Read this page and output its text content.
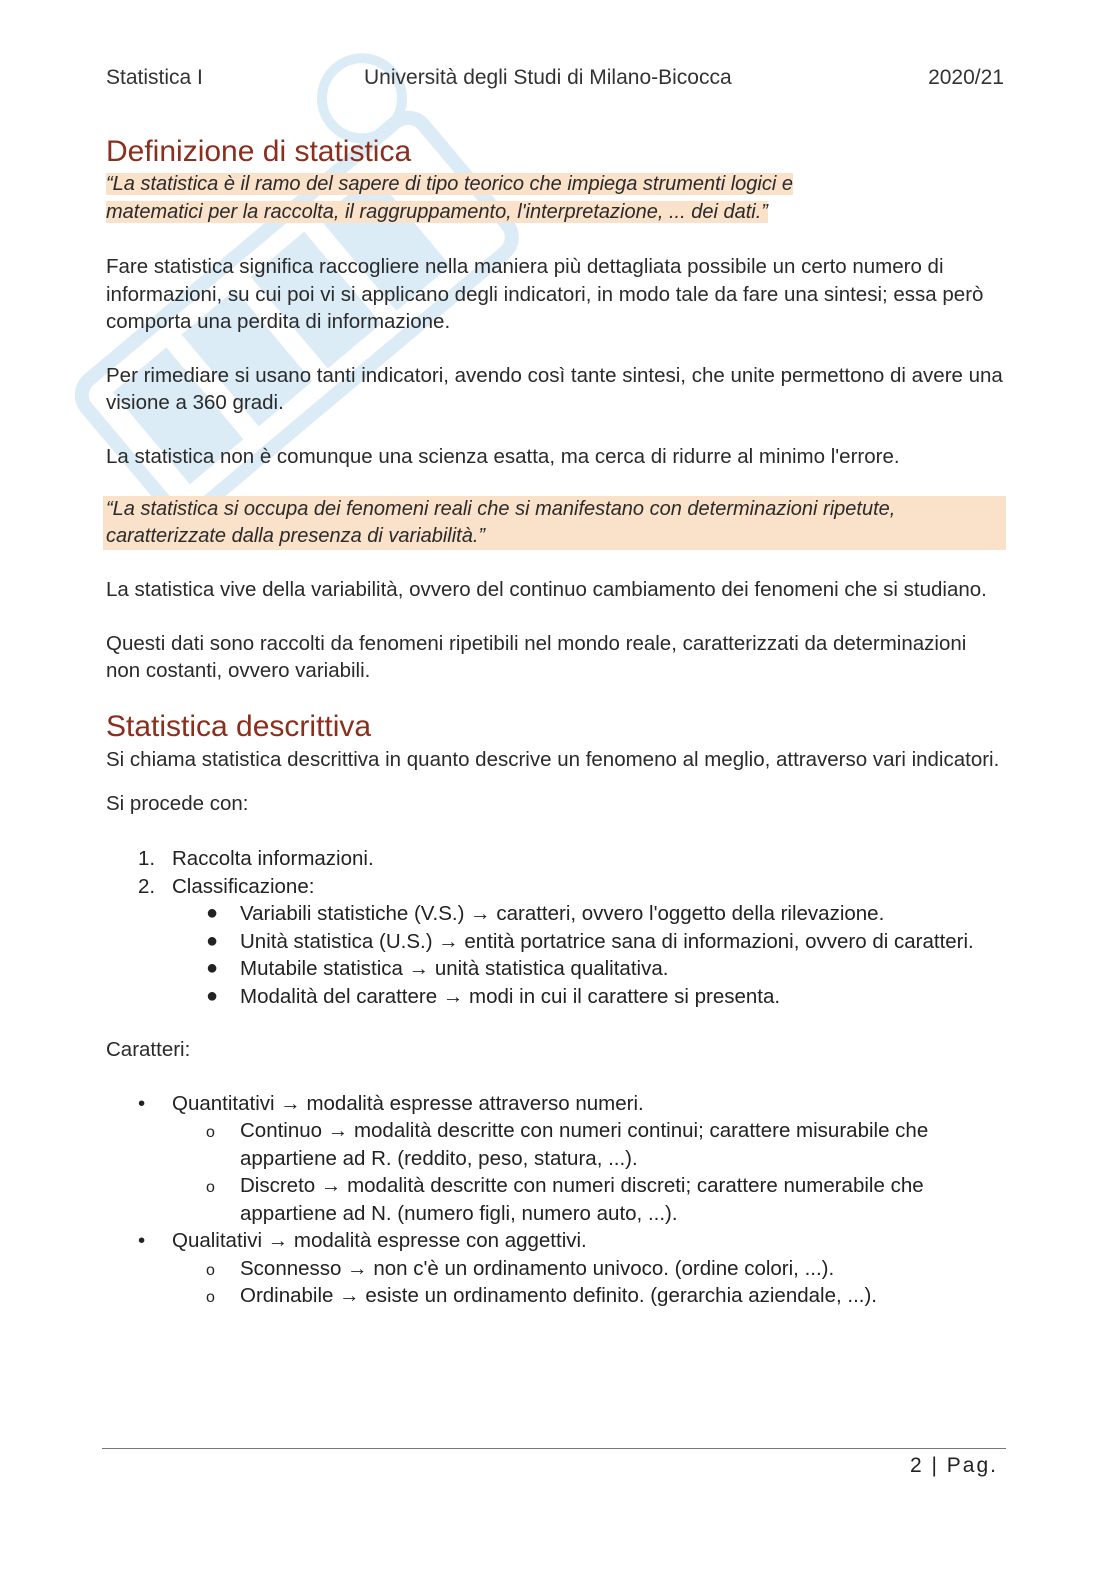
Statistica I	Università degli Studi di Milano-Bicocca	2020/21
Definizione di statistica

“La statistica è il ramo del sapere di tipo teorico che impiega strumenti logici e
matematici per la raccolta, il raggruppamento, l'interpretazione, ... dei dati.”

Fare statistica significa raccogliere nella maniera più dettagliata possibile un certo numero di informazioni, su cui poi vi si applicano degli indicatori, in modo tale da fare una sintesi; essa però comporta una perdita di informazione.

Per rimediare si usano tanti indicatori, avendo così tante sintesi, che unite permettono di avere una visione a 360 gradi.

La statistica non è comunque una scienza esatta, ma cerca di ridurre al minimo l'errore.

“La statistica si occupa dei fenomeni reali che si manifestano con determinazioni ripetute, caratterizzate dalla presenza di variabilità.”

La statistica vive della variabilità, ovvero del continuo cambiamento dei fenomeni che si studiano.

Questi dati sono raccolti da fenomeni ripetibili nel mondo reale, caratterizzati da determinazioni non costanti, ovvero variabili.

Statistica descrittiva

Si chiama statistica descrittiva in quanto descrive un fenomeno al meglio, attraverso vari indicatori.

Si procede con:

1. Raccolta informazioni.
2. Classificazione:
● Variabili statistiche (V.S.) → caratteri, ovvero l'oggetto della rilevazione.
● Unità statistica (U.S.) → entità portatrice sana di informazioni, ovvero di caratteri.
● Mutabile statistica → unità statistica qualitativa.
● Modalità del carattere → modi in cui il carattere si presenta.

Caratteri:

• Quantitativi → modalità espresse attraverso numeri.
o Continuo → modalità descritte con numeri continui; carattere misurabile che appartiene ad R. (reddito, peso, statura, ...).
o Discreto → modalità descritte con numeri discreti; carattere numerabile che appartiene ad N. (numero figli, numero auto, ...).
• Qualitativi → modalità espresse con aggettivi.
o Sconnesso → non c'è un ordinamento univoco. (ordine colori, ...).
o Ordinabile → esiste un ordinamento definito. (gerarchia aziendale, ...).
2 | Pag.
